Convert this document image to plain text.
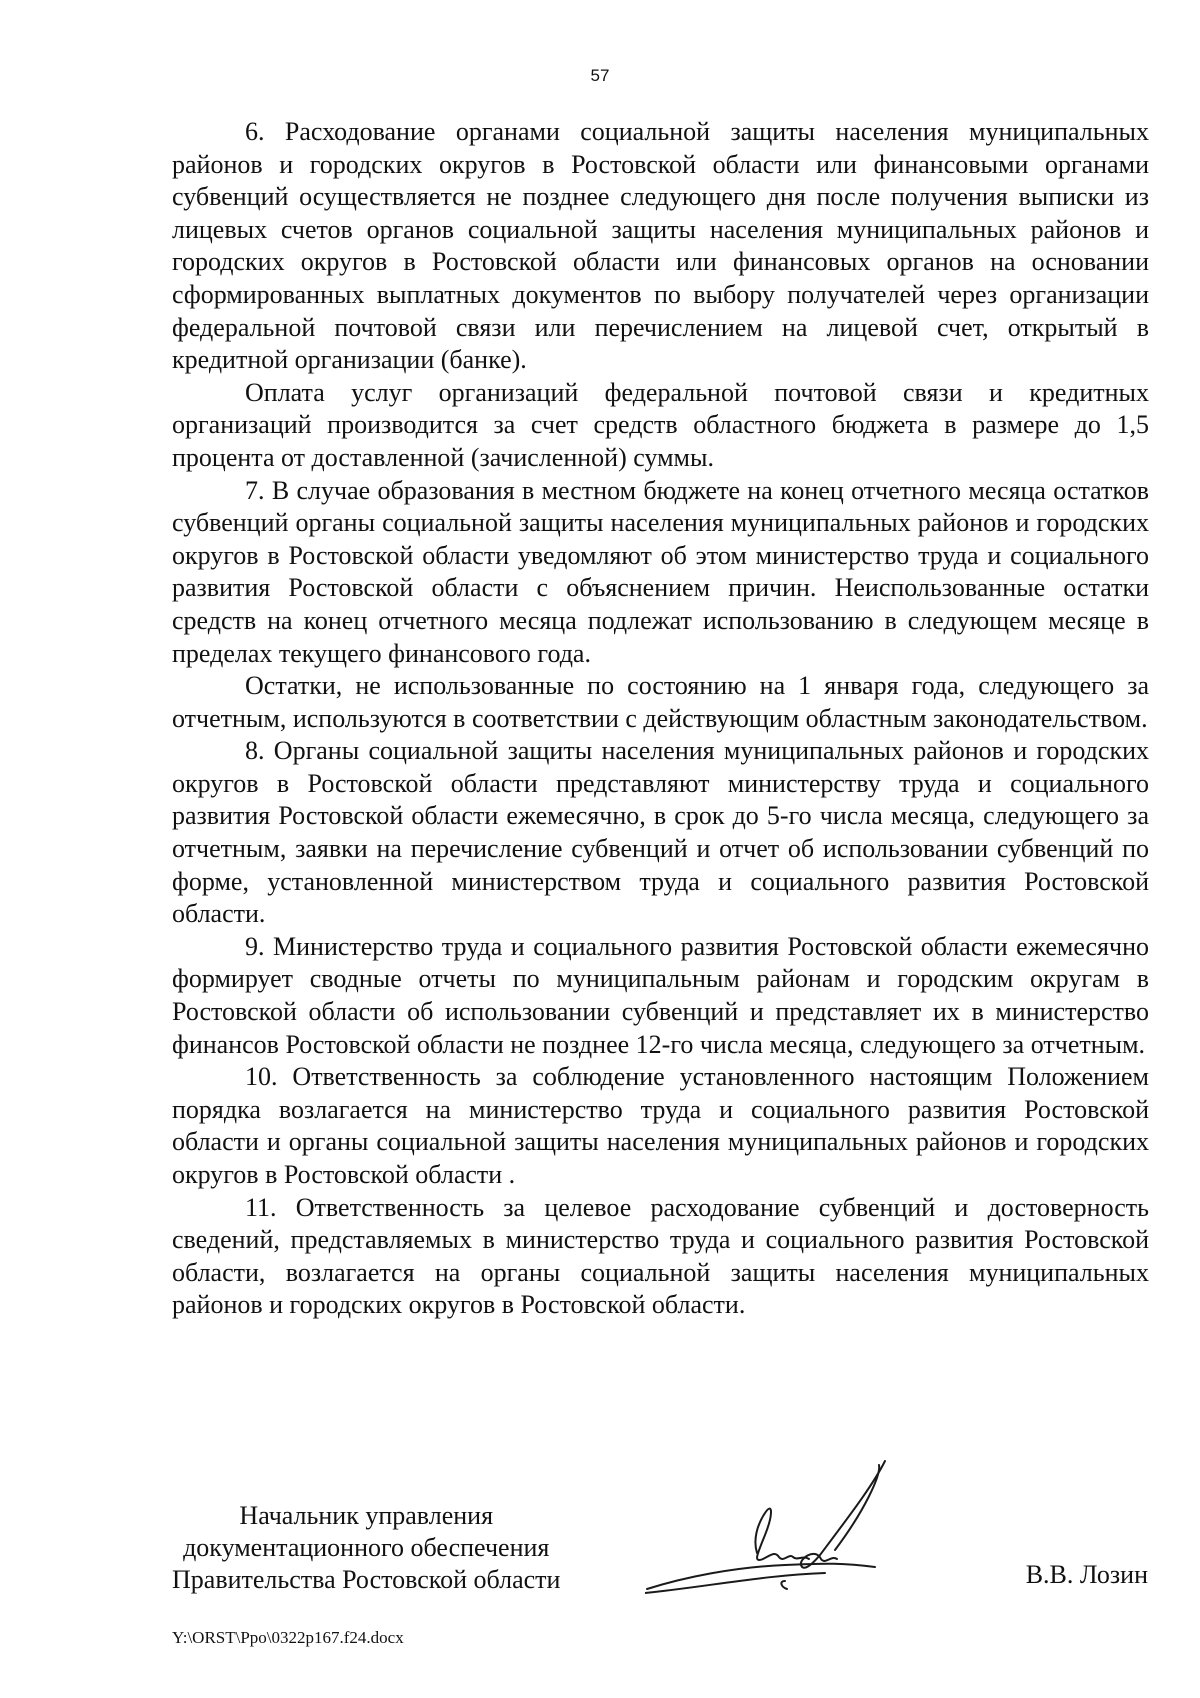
57

6. Расходование органами социальной защиты населения муниципальных районов и городских округов в Ростовской области или финансовыми органами субвенций осуществляется не позднее следующего дня после получения выписки из лицевых счетов органов социальной защиты населения муниципальных районов и городских округов в Ростовской области или финансовых органов на основании сформированных выплатных документов по выбору получателей через организации федеральной почтовой связи или перечислением на лицевой счет, открытый в кредитной организации (банке).

Оплата услуг организаций федеральной почтовой связи и кредитных организаций производится за счет средств областного бюджета в размере до 1,5 процента от доставленной (зачисленной) суммы.

7. В случае образования в местном бюджете на конец отчетного месяца остатков субвенций органы социальной защиты населения муниципальных районов и городских округов в Ростовской области уведомляют об этом министерство труда и социального развития Ростовской области с объяснением причин. Неиспользованные остатки средств на конец отчетного месяца подлежат использованию в следующем месяце в пределах текущего финансового года.

Остатки, не использованные по состоянию на 1 января года, следующего за отчетным, используются в соответствии с действующим областным законодательством.

8. Органы социальной защиты населения муниципальных районов и городских округов в Ростовской области представляют министерству труда и социального развития Ростовской области ежемесячно, в срок до 5-го числа месяца, следующего за отчетным, заявки на перечисление субвенций и отчет об использовании субвенций по форме, установленной министерством труда и социального развития Ростовской области.

9. Министерство труда и социального развития Ростовской области ежемесячно формирует сводные отчеты по муниципальным районам и городским округам в Ростовской области об использовании субвенций и представляет их в министерство финансов Ростовской области не позднее 12-го числа месяца, следующего за отчетным.

10. Ответственность за соблюдение установленного настоящим Положением порядка возлагается на министерство труда и социального развития Ростовской области и органы социальной защиты населения муниципальных районов и городских округов в Ростовской области .

11. Ответственность за целевое расходование субвенций и достоверность сведений, представляемых в министерство труда и социального развития Ростовской области, возлагается на органы социальной защиты населения муниципальных районов и городских округов в Ростовской области.

Начальник управления
документационного обеспечения
Правительства Ростовской области	В.В. Лозин
Y:\ORST\Ppo\0322p167.f24.docx
